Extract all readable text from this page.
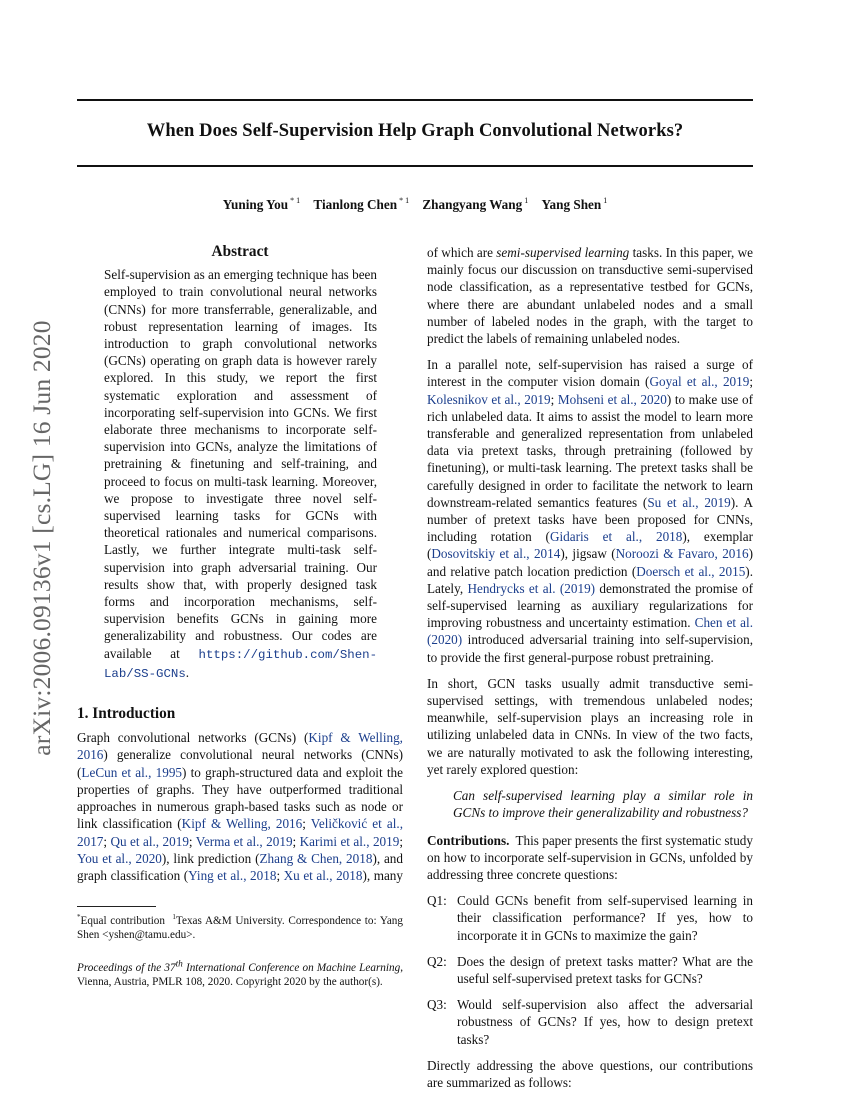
When Does Self-Supervision Help Graph Convolutional Networks?
Yuning You $^{* 1}$ Tianlong Chen $^{* 1}$ Zhangyang Wang $^1$ Yang Shen $^1$
arXiv:2006.09136v1 [cs.LG] 16 Jun 2020
Abstract
Self-supervision as an emerging technique has been employed to train convolutional neural networks (CNNs) for more transferrable, generalizable, and robust representation learning of images. Its introduction to graph convolutional networks (GCNs) operating on graph data is however rarely explored. In this study, we report the first systematic exploration and assessment of incorporating self-supervision into GCNs. We first elaborate three mechanisms to incorporate self-supervision into GCNs, analyze the limitations of pretraining & finetuning and self-training, and proceed to focus on multi-task learning. Moreover, we propose to investigate three novel self-supervised learning tasks for GCNs with theoretical rationales and numerical comparisons. Lastly, we further integrate multi-task self-supervision into graph adversarial training. Our results show that, with properly designed task forms and incorporation mechanisms, self-supervision benefits GCNs in gaining more generalizability and robustness. Our codes are available at https://github.com/Shen-Lab/SS-GCNs.
1. Introduction

Graph convolutional networks (GCNs) (Kipf & Welling, 2016) generalize convolutional neural networks (CNNs) (LeCun et al., 1995) to graph-structured data and exploit the properties of graphs. They have outperformed traditional approaches in numerous graph-based tasks such as node or link classification (Kipf & Welling, 2016; Veličković et al., 2017; Qu et al., 2019; Verma et al., 2019; Karimi et al., 2019; You et al., 2020), link prediction (Zhang & Chen, 2018), and graph classification (Ying et al., 2018; Xu et al., 2018), many

of which are semi-supervised learning tasks. In this paper, we mainly focus our discussion on transductive semi-supervised node classification, as a representative testbed for GCNs, where there are abundant unlabeled nodes and a small number of labeled nodes in the graph, with the target to predict the labels of remaining unlabeled nodes.

In a parallel note, self-supervision has raised a surge of interest in the computer vision domain (Goyal et al., 2019; Kolesnikov et al., 2019; Mohseni et al., 2020) to make use of rich unlabeled data. It aims to assist the model to learn more transferable and generalized representation from unlabeled data via pretext tasks, through pretraining (followed by finetuning), or multi-task learning. The pretext tasks shall be carefully designed in order to facilitate the network to learn downstream-related semantics features (Su et al., 2019). A number of pretext tasks have been proposed for CNNs, including rotation (Gidaris et al., 2018), exemplar (Dosovitskiy et al., 2014), jigsaw (Noroozi & Favaro, 2016) and relative patch location prediction (Doersch et al., 2015). Lately, Hendrycks et al. (2019) demonstrated the promise of self-supervised learning as auxiliary regularizations for improving robustness and uncertainty estimation. Chen et al. (2020) introduced adversarial training into self-supervision, to provide the first general-purpose robust pretraining.

In short, GCN tasks usually admit transductive semi-supervised settings, with tremendous unlabeled nodes; meanwhile, self-supervision plays an increasing role in utilizing unlabeled data in CNNs. In view of the two facts, we are naturally motivated to ask the following interesting, yet rarely explored question:

Can self-supervised learning play a similar role in GCNs to improve their generalizability and robustness?

Contributions. This paper presents the first systematic study on how to incorporate self-supervision in GCNs, unfolded by addressing three concrete questions:

Q1: Could GCNs benefit from self-supervised learning in their classification performance? If yes, how to incorporate it in GCNs to maximize the gain?
Q2: Does the design of pretext tasks matter? What are the useful self-supervised pretext tasks for GCNs?
Q3: Would self-supervision also affect the adversarial robustness of GCNs? If yes, how to design pretext tasks?

Directly addressing the above questions, our contributions are summarized as follows:

*Equal contribution $^1$Texas A&M University. Correspondence to: Yang Shen <yshen@tamu.edu>.
Proceedings of the 37th International Conference on Machine Learning, Vienna, Austria, PMLR 108, 2020. Copyright 2020 by the author(s).
